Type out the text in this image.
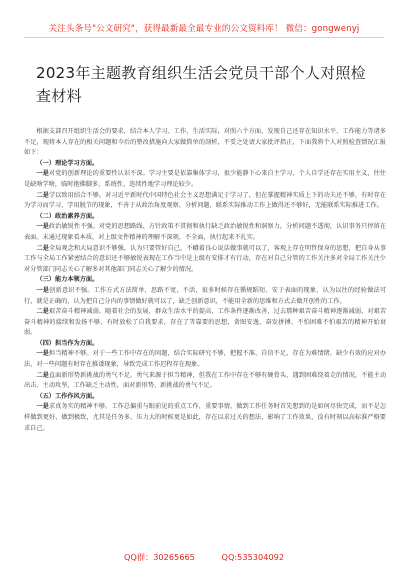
关注头条号"公文研究"，获得最新最全最专业的公文资料库！ 微信：gongwenyj
2023年主题教育组织生活会党员干部个人对照检查材料

根据支部召开组织生活会的要求，结合本人学习、工作、生活实际，对照六个方面，发现自己还存在知识水平、工作能力等诸多不足，现将本人存在的相关问题和今后的整改措施向大家做简单的剖析，不妥之处请大家批评指正，下面我将个人对照检查情况汇报如下：

（一）理论学习方面。

一是对党的创新理论的重要性认识不深。学习主要是依靠集体学习，很少能静下心来自主学习，个人自学还存在实用主义，往往是缺啥学啥，临时抱佛脚多，系统性、连续性地学习理论较少。

二是学以致用结合不够。对习近平新时代中国特色社会主义思想满足于学习了，但在掌握精神实质上下的功夫还不够，有时存在为学习而学习，学用脱节的现象，不善于从政治角度观察、分析问题，联系实际推动工作上做得还不够好，无能联系实际推进工作。

（二）政治素养方面。

一是政治敏锐性不强。对党的思想路线、方针政策不贯彻和执行缺乏政治敏锐性和洞察力，分析问题不透彻，认识事务只停留在表面。未通过现象看本质，对上级文件精神的理解不深刻、不全面，执行起来不扎实。

二是全局观念和大局意识不够强。认为只要管好自己，不峨着良心说话做事就可以了，客观上存在明哲保身的思想，把自身从事工作与全局工作紧密结合的意识还不够敏锐表现在工作当中是上级有安排才有行动，存在对自己分管的工作关注多对全局工作关注少对分管部门同志关心了解多对其他部门同志关心了解少的情况。

（三）能力本领方面。

一是创新意识不强。工作方式方法简单，思路不宽、不活，很多时候存在循规蹈矩、安于表面的现象，认为以往的经验做法可行，就是正确的，认为把自己分内的事情做好就可以了，缺乏创新意识，不能用全新的思维和方式去做开创性的工作。

二是艰苦奋斗精神减弱。随着社会的发展，群众生活水平的提高，工作条件逐渐改善，过去那种艰苦奋斗精神逐渐减弱，对艰苦奋斗精神的接续和发扬不够，有时放松了自我要求，存在了等靠要的思想，贪图安逸，奋发拼搏、不怕困难不怕艰苦的精神开始衰弱。

（四）担当作为方面。

一是担当精神不够。对于一些工作中存在的问题，结合实际研究不够，把握不准、自信不足，存在为难情绪，缺少有效的应对办法，对一些问题有时存在推诿现象，导致完成工作迟程存在现象。

二是直面新形势新挑战的勇气不足。勇气来源于担当精神，但我在工作中存在不够有硬骨头、遇到困难绕着走的情况，不能主动出击、主动攻坚，工作缺乏主动性，面对新形势、新挑战的勇气不足。

（五）工作作风方面。

一是求真务实的精神不够。工作总偏重与眼前见的重点工作，重要事情，做到工作任务时首先想到的是如何尽快完成，而不是怎样做到更好、做到极致，尤其是任务多、压力大的时候更是如此，存在以求过关的想法，影响了工作效果，没有时刻以高标准严格要求自己。

QQ群：30265665	QQ:535304092
